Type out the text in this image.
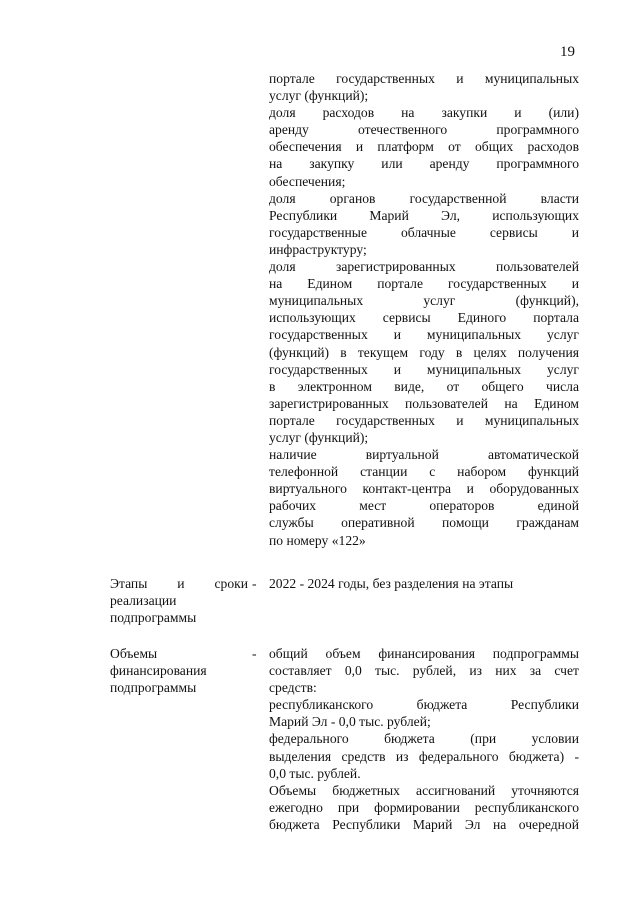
19

портале государственных и муниципальных

услуг (функций);

доля расходов на закупки и (или)

аренду отечественного программного

обеспечения и платформ от общих расходов

на закупку или аренду программного

обеспечения;

доля органов государственной власти

Республики Марий Эл, использующих

государственные облачные сервисы и

инфраструктуру;

доля зарегистрированных пользователей

на Едином портале государственных и

муниципальных услуг (функций),

использующих сервисы Единого портала

государственных и муниципальных услуг

(функций) в текущем году в целях получения

государственных и муниципальных услуг

в электронном виде, от общего числа

зарегистрированных пользователей на Едином

портале государственных и муниципальных

услуг (функций);

наличие виртуальной автоматической

телефонной станции с набором функций

виртуального контакт-центра и оборудованных

рабочих мест операторов единой

службы оперативной помощи гражданам

по номеру «122»

Этапы и сроки

реализации

подпрограммы

- 2022 - 2024 годы, без разделения на этапы

Объемы

финансирования

подпрограммы

- общий объем финансирования подпрограммы

составляет 0,0 тыс. рублей, из них за счет

средств:

республиканского бюджета Республики

Марий Эл - 0,0 тыс. рублей;

федерального бюджета (при условии

выделения средств из федерального бюджета) -

0,0 тыс. рублей.

Объемы бюджетных ассигнований уточняются

ежегодно при формировании республиканского

бюджета Республики Марий Эл на очередной
